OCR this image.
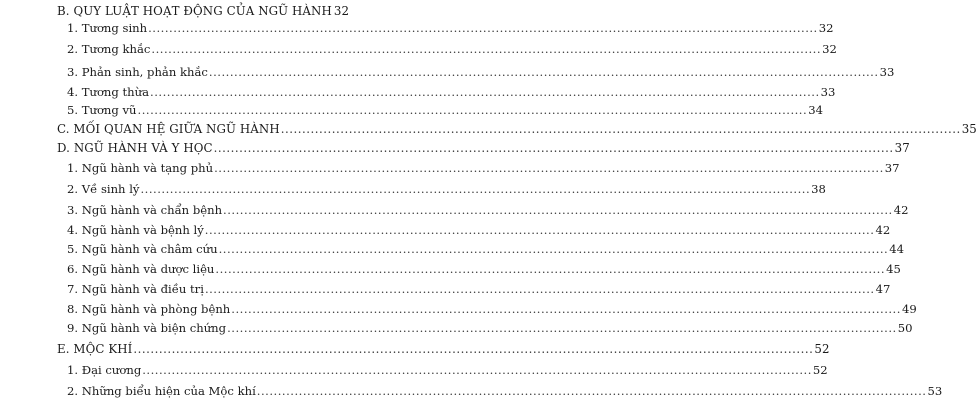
B. QUY LUẬT HOẠT ĐỘNG CỦA NGŨ HÀNH 32
1. Tương sinh ................................................................................................................................................................ 32
2. Tương khắc ................................................................................................................................................................ 32
3. Phản sinh, phản khắc ................................................................................................................................................................ 33
4. Tương thừa ................................................................................................................................................................ 33
5. Tương vũ ................................................................................................................................................................ 34
C. MỐI QUAN HỆ GIỮA NGŨ HÀNH ................................................................................................................................................................ 35
D. NGŨ HÀNH VÀ Y HỌC ................................................................................................................................................................ 37
1. Ngũ hành và tạng phủ ................................................................................................................................................................ 37
2. Về sinh lý ................................................................................................................................................................ 38
3. Ngũ hành và chẩn bệnh ................................................................................................................................................................ 42
4. Ngũ hành và bệnh lý ................................................................................................................................................................ 42
5. Ngũ hành và châm cứu ................................................................................................................................................................ 44
6. Ngũ hành và dược liệu ................................................................................................................................................................ 45
7. Ngũ hành và điều trị ................................................................................................................................................................ 47
8. Ngũ hành và phòng bệnh ................................................................................................................................................................ 49
9. Ngũ hành và biện chứng ................................................................................................................................................................ 50
E. MỘC KHÍ ................................................................................................................................................................ 52
1. Đại cương ................................................................................................................................................................ 52
2. Những biểu hiện của Mộc khí ................................................................................................................................................................ 53
